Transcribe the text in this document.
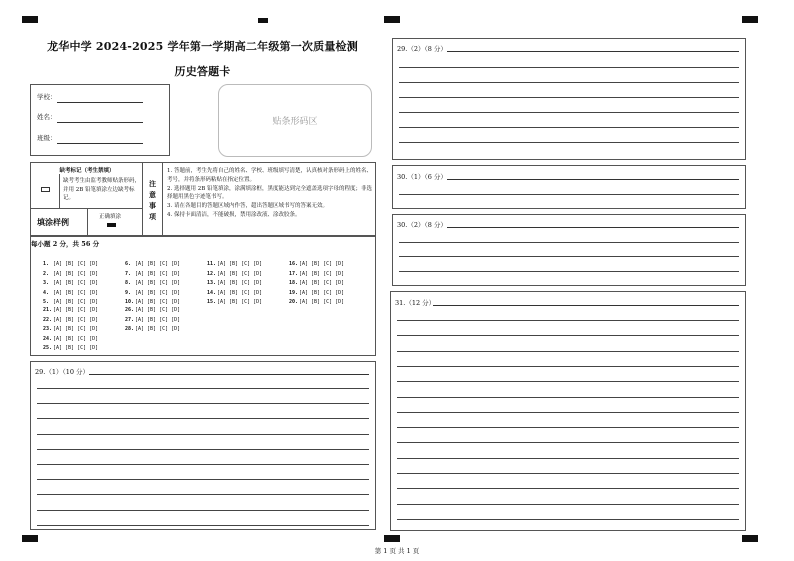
龙华中学 2024-2025 学年第一学期高二年级第一次质量检测
历史答题卡
学校：
姓名：
班级：
贴条形码区
缺考标记（考生禁填）
缺考考生由监考教师贴条形码，并用 2B 铅笔填涂左边缺考标记。
填涂样例	正确填涂
注
意
事
项
1. 答题前，考生先将自己的姓名、学校、班级填写清楚，认真核对条形码上的姓名、考号，并将条形码粘贴在指定位置。
2. 选择题用 2B 铅笔填涂，涂满填涂框，黑度能达到完全遮盖选项字母的程度；非选择题用黑色字迹笔书写。
3. 请在各题目的答题区域内作答，超出答题区域书写的答案无效。
4. 保持卡面清洁，不能破损，禁用涂改液、涂改胶条。
每小题 2 分，共 56 分
1. [A] [B] [C] [D]
2. [A] [B] [C] [D]
3. [A] [B] [C] [D]
4. [A] [B] [C] [D]
5. [A] [B] [C] [D]
6. [A] [B] [C] [D]
7. [A] [B] [C] [D]
8. [A] [B] [C] [D]
9. [A] [B] [C] [D]
10.[A] [B] [C] [D]
11.[A] [B] [C] [D]
12.[A] [B] [C] [D]
13.[A] [B] [C] [D]
14.[A] [B] [C] [D]
15.[A] [B] [C] [D]
16.[A] [B] [C] [D]
17.[A] [B] [C] [D]
18.[A] [B] [C] [D]
19.[A] [B] [C] [D]
20.[A] [B] [C] [D]
21.[A] [B] [C] [D]
22.[A] [B] [C] [D]
23.[A] [B] [C] [D]
24.[A] [B] [C] [D]
25.[A] [B] [C] [D]
26.[A] [B] [C] [D]
27.[A] [B] [C] [D]
28.[A] [B] [C] [D]
29.（1）（10 分）
29.（2）（8 分）
30.（1）（6 分）
30.（2）（8 分）
31.（12 分）
第 1 页 共 1 页
